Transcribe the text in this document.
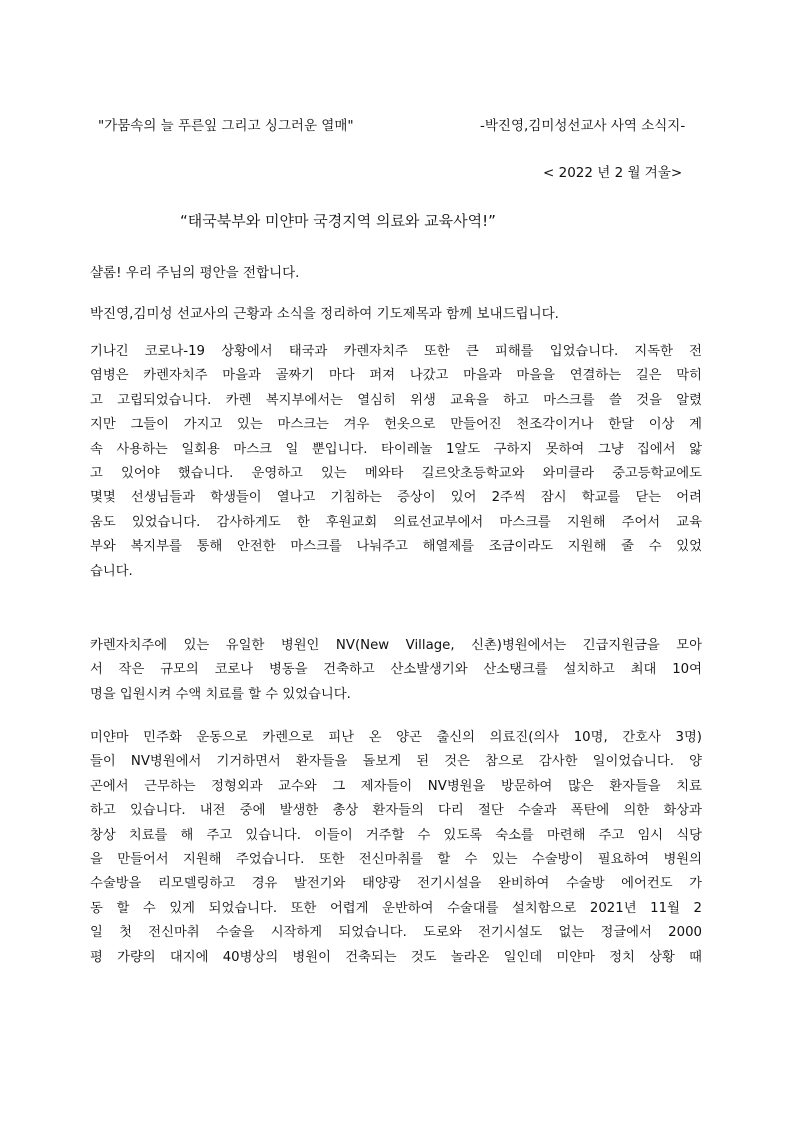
"가뭄속의 늘 푸른잎 그리고 싱그러운 열매"	-박진영,김미성선교사 사역 소식지-
< 2022 년 2 월 겨울>
“태국북부와 미얀마 국경지역 의료와 교육사역!”
샬롬! 우리 주님의 평안을 전합니다.
박진영,김미성 선교사의 근황과 소식을 정리하여 기도제목과 함께 보내드립니다.
기나긴 코로나-19 상황에서 태국과 카렌자치주 또한 큰 피해를 입었습니다. 지독한 전
염병은 카렌자치주 마을과 골짜기 마다 퍼져 나갔고 마을과 마을을 연결하는 길은 막히
고 고립되었습니다. 카렌 복지부에서는 열심히 위생 교육을 하고 마스크를 쓸 것을 알렸
지만 그들이 가지고 있는 마스크는 겨우 헌옷으로 만들어진 천조각이거나 한달 이상 계
속 사용하는 일회용 마스크 일 뿐입니다. 타이레놀 1알도 구하지 못하여 그냥 집에서 앓
고 있어야 했습니다. 운영하고 있는 메와타 길르앗초등학교와 와미클라 중고등학교에도
몇몇 선생님들과 학생들이 열나고 기침하는 증상이 있어 2주씩 잠시 학교를 닫는 어려
움도 있었습니다. 감사하게도 한 후원교회 의료선교부에서 마스크를 지원해 주어서 교육
부와 복지부를 통해 안전한 마스크를 나눠주고 해열제를 조금이라도 지원해 줄 수 있었
습니다.
카렌자치주에 있는 유일한 병원인 NV(New Village, 신촌)병원에서는 긴급지원금을 모아
서 작은 규모의 코로나 병동을 건축하고 산소발생기와 산소탱크를 설치하고 최대 10여
명을 입원시켜 수액 치료를 할 수 있었습니다.
미얀마 민주화 운동으로 카렌으로 피난 온 양곤 출신의 의료진(의사 10명, 간호사 3명)
들이 NV병원에서 기거하면서 환자들을 돌보게 된 것은 참으로 감사한 일이었습니다. 양
곤에서 근무하는 정형외과 교수와 그 제자들이 NV병원을 방문하여 많은 환자들을 치료
하고 있습니다. 내전 중에 발생한 총상 환자들의 다리 절단 수술과 폭탄에 의한 화상과
창상 치료를 해 주고 있습니다. 이들이 거주할 수 있도록 숙소를 마련해 주고 임시 식당
을 만들어서 지원해 주었습니다. 또한 전신마취를 할 수 있는 수술방이 필요하여 병원의
수술방을 리모델링하고 경유 발전기와 태양광 전기시설을 완비하여 수술방 에어컨도 가
동 할 수 있게 되었습니다. 또한 어렵게 운반하여 수술대를 설치함으로 2021년 11월 2
일 첫 전신마취 수술을 시작하게 되었습니다. 도로와 전기시설도 없는 정글에서 2000
평 가량의 대지에 40병상의 병원이 건축되는 것도 놀라온 일인데 미얀마 정치 상황 때
